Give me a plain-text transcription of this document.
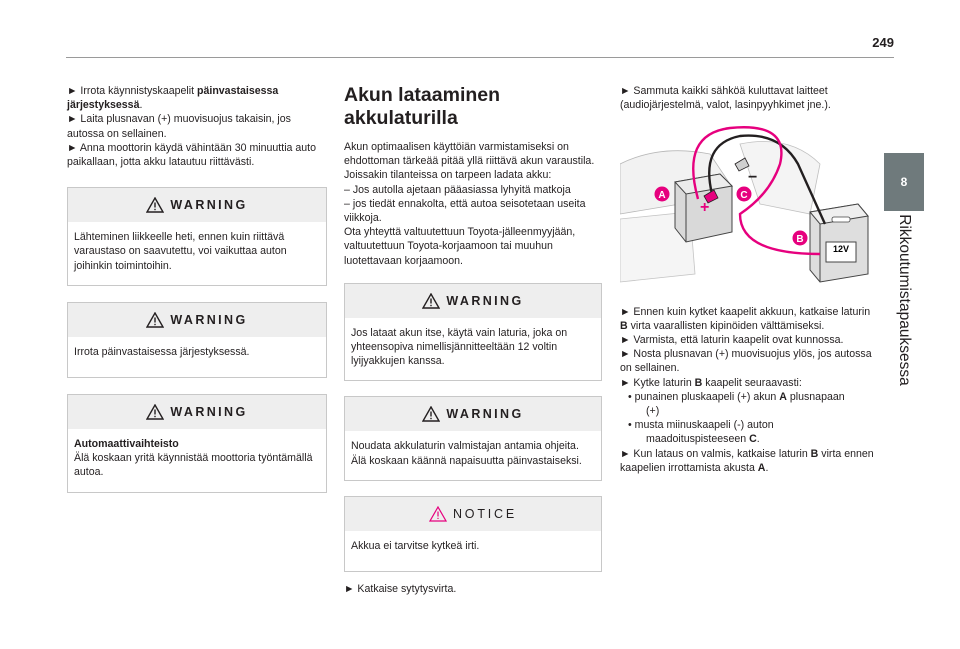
249
8
Rikkoutumistapauksessa

► Irrota käynnistyskaapelit päinvastaisessa
järjestyksessä.

► Laita plusnavan (+) muovisuojus takaisin, jos autossa on sellainen.

► Anna moottorin käydä vähintään 30 minuuttia auto paikallaan, jotta akku latautuu riittävästi.

WARNING
Lähteminen liikkeelle heti, ennen kuin riittävä varaustaso on saavutettu, voi vaikuttaa auton joihinkin toimintoihin.
WARNING
Irrota päinvastaisessa järjestyksessä.
WARNING
Automaattivaihteisto
Älä koskaan yritä käynnistää moottoria työntämällä autoa.
Akun lataaminen
akkulaturilla

Akun optimaalisen käyttöiän varmistamiseksi on ehdottoman tärkeää pitää yllä riittävä akun varaustila.

Joissakin tilanteissa on tarpeen ladata akku:

– Jos autolla ajetaan pääasiassa lyhyitä matkoja

– jos tiedät ennakolta, että autoa seisotetaan useita viikkoja.

Ota yhteyttä valtuutettuun Toyota-jälleenmyyjään, valtuutettuun Toyota-korjaamoon tai muuhun luotettavaan korjaamoon.

WARNING
Jos lataat akun itse, käytä vain laturia, joka on yhteensopiva nimellisjännitteeltään 12 voltin lyijyakkujen kanssa.
WARNING
Noudata akkulaturin valmistajan antamia ohjeita.
Älä koskaan käännä napaisuutta päinvastaiseksi.
NOTICE
Akkua ei tarvitse kytkeä irti.

► Katkaise sytytysvirta.

► Sammuta kaikki sähköä kuluttavat laitteet (audiojärjestelmä, valot, lasinpyyhkimet jne.).

12V
+
−
A
B
C

► Ennen kuin kytket kaapelit akkuun, katkaise laturin B virta vaarallisten kipinöiden välttämiseksi.

► Varmista, että laturin kaapelit ovat kunnossa.

► Nosta plusnavan (+) muovisuojus ylös, jos autossa on sellainen.

► Kytke laturin B kaapelit seuraavasti:

• punainen pluskaapeli (+) akun A plusnapaan
(+)

• musta miinuskaapeli (-) auton
maadoituspisteeseen C.

► Kun lataus on valmis, katkaise laturin B virta ennen kaapelien irrottamista akusta A.
